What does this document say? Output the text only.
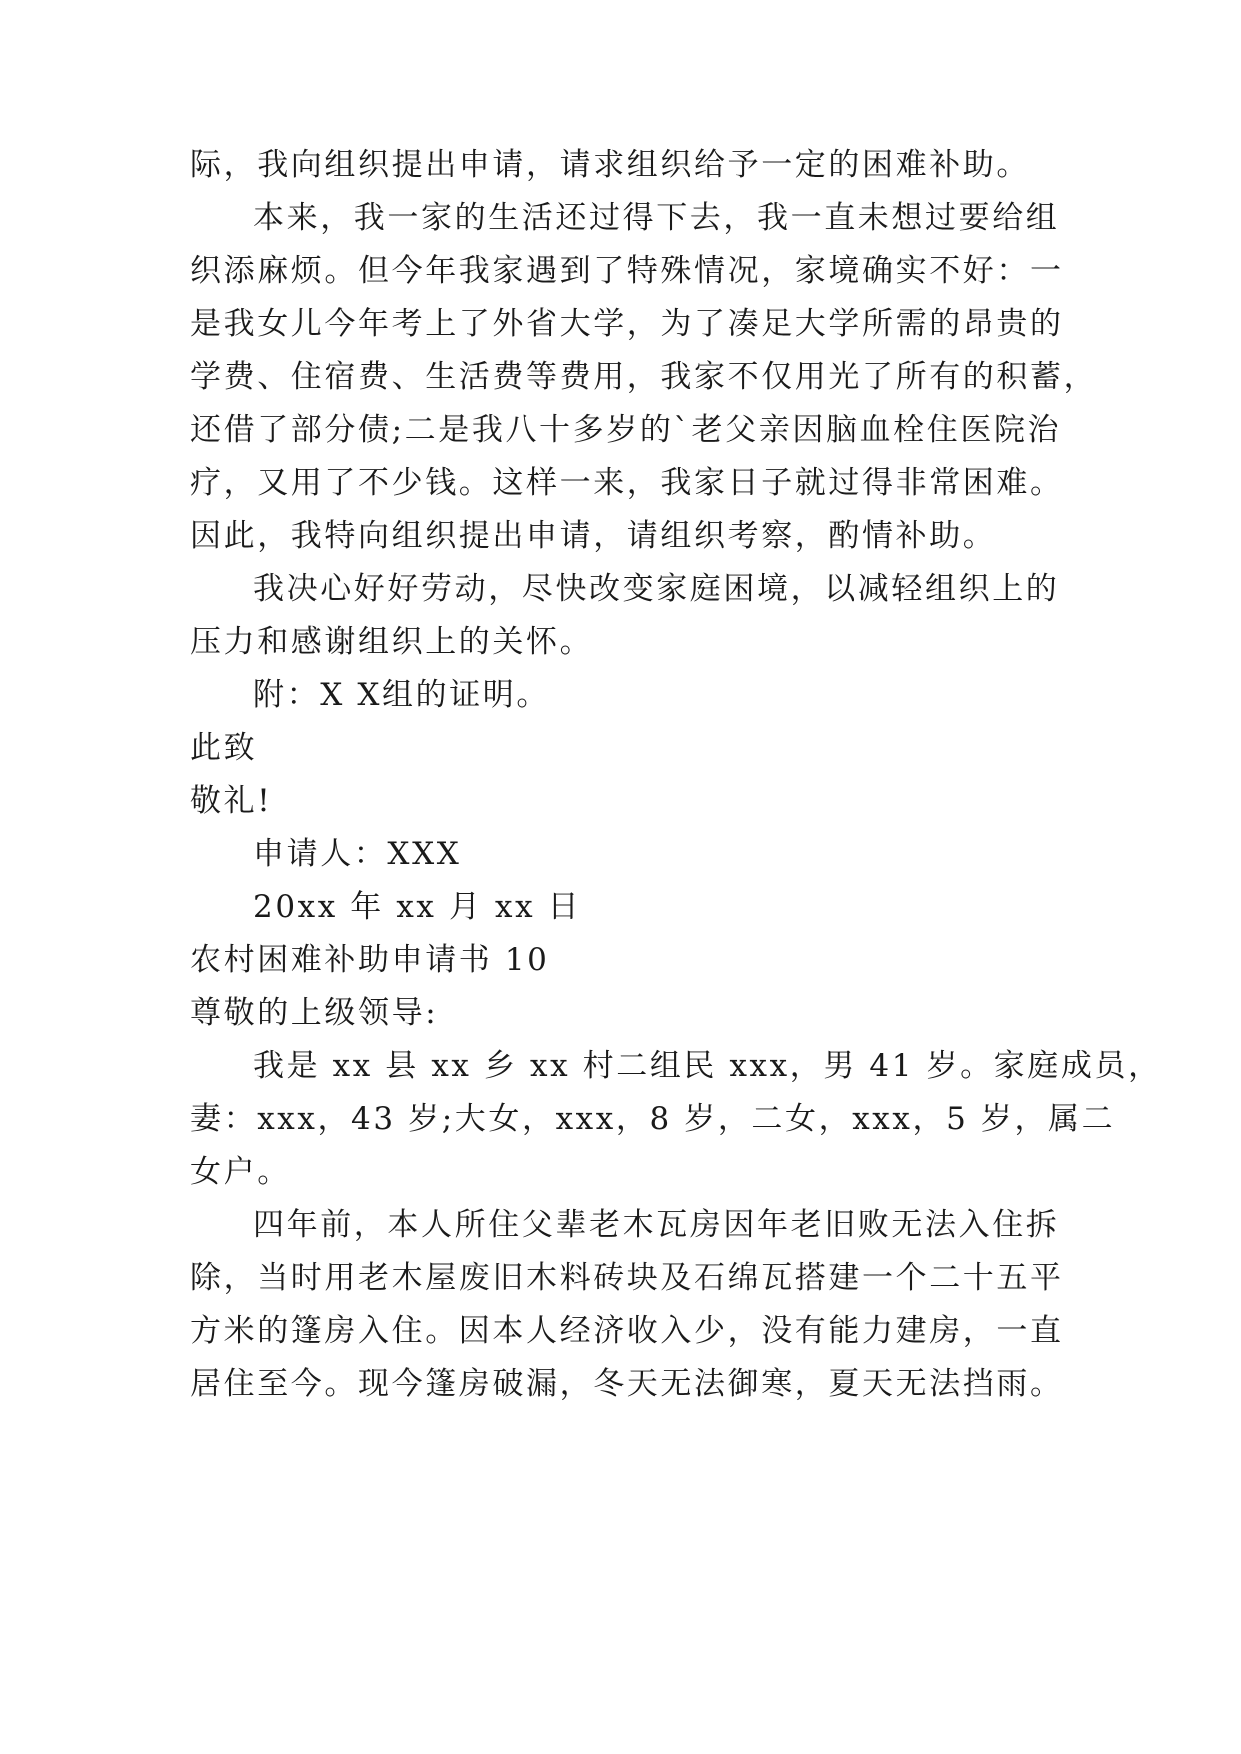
际，我向组织提出申请，请求组织给予一定的困难补助。
本来，我一家的生活还过得下去，我一直未想过要给组
织添麻烦。但今年我家遇到了特殊情况，家境确实不好：一
是我女儿今年考上了外省大学，为了凑足大学所需的昂贵的
学费、住宿费、生活费等费用，我家不仅用光了所有的积蓄，
还借了部分债;二是我八十多岁的`老父亲因脑血栓住医院治
疗，又用了不少钱。这样一来，我家日子就过得非常困难。
因此，我特向组织提出申请，请组织考察，酌情补助。
我决心好好劳动，尽快改变家庭困境，以减轻组织上的
压力和感谢组织上的关怀。
附：X X组的证明。
此致
敬礼!
申请人：XXX
20xx 年 xx 月 xx 日
农村困难补助申请书 10
尊敬的上级领导:
我是 xx 县 xx 乡 xx 村二组民 xxx，男 41 岁。家庭成员，
妻：xxx，43 岁;大女，xxx，8 岁，二女，xxx，5 岁，属二
女户。
四年前，本人所住父辈老木瓦房因年老旧败无法入住拆
除，当时用老木屋废旧木料砖块及石绵瓦搭建一个二十五平
方米的篷房入住。因本人经济收入少，没有能力建房，一直
居住至今。现今篷房破漏，冬天无法御寒，夏天无法挡雨。
